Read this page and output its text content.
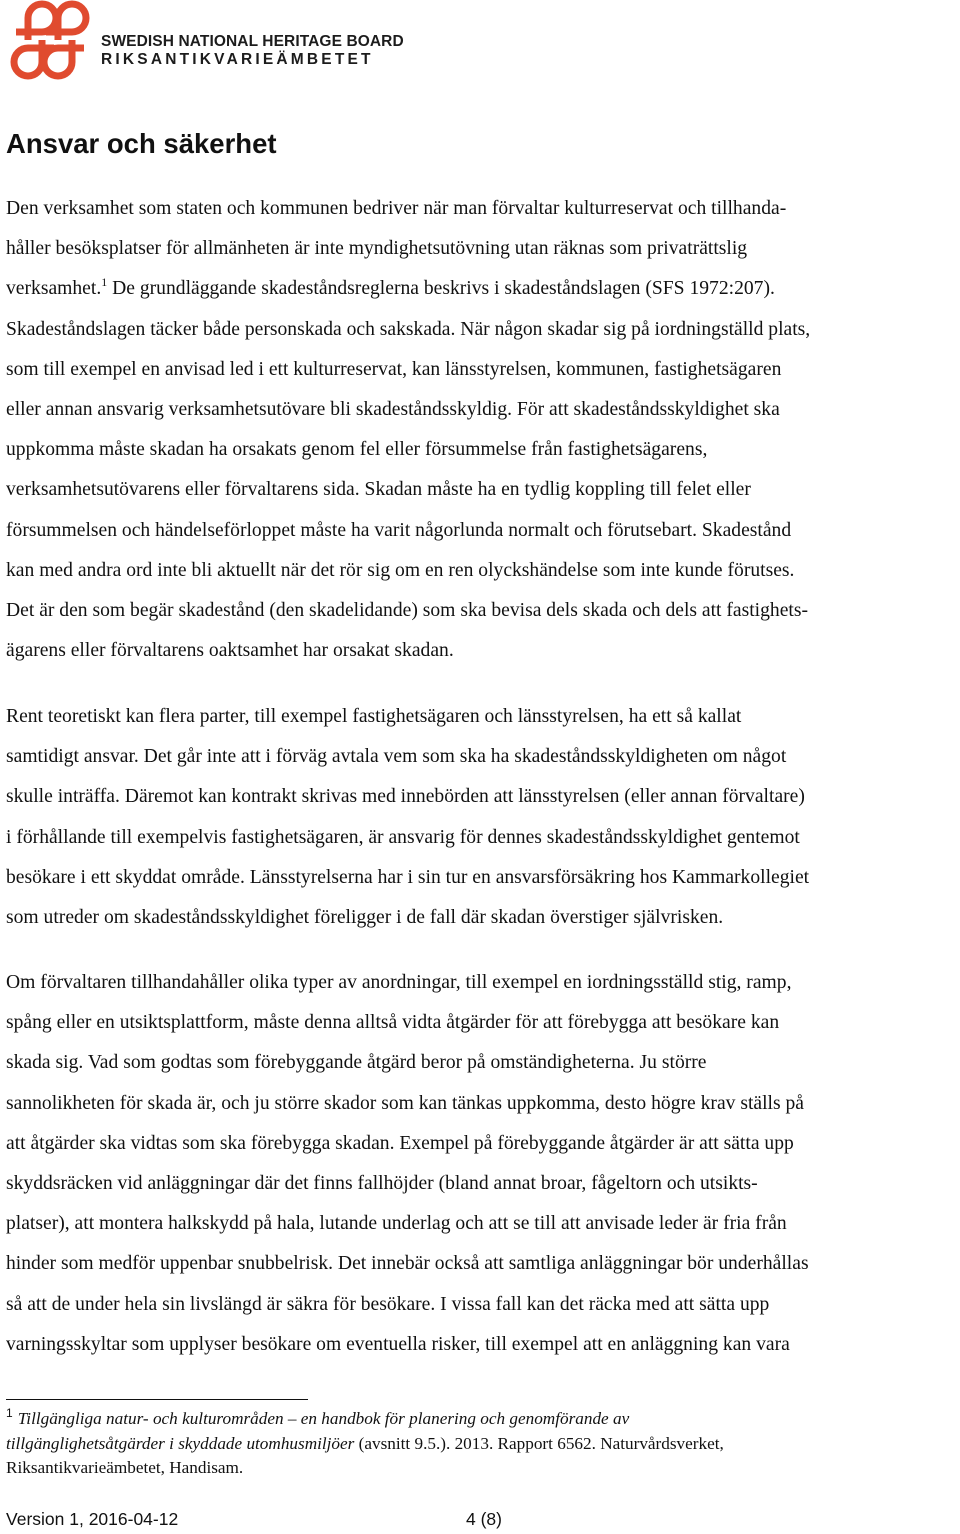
SWEDISH NATIONAL HERITAGE BOARD
RIKSANTIKVARIEÄMBETET
Ansvar och säkerhet
Den verksamhet som staten och kommunen bedriver när man förvaltar kulturreservat och tillhanda-
håller besöksplatser för allmänheten är inte myndighetsutövning utan räknas som privaträttslig
verksamhet.$^1$ De grundläggande skadeståndsreglerna beskrivs i skadeståndslagen (SFS 1972:207).
Skadeståndslagen täcker både personskada och sakskada. När någon skadar sig på iordningställd plats,
som till exempel en anvisad led i ett kulturreservat, kan länsstyrelsen, kommunen, fastighetsägaren
eller annan ansvarig verksamhetsutövare bli skadeståndsskyldig. För att skadeståndsskyldighet ska
uppkomma måste skadan ha orsakats genom fel eller försummelse från fastighetsägarens,
verksamhetsutövarens eller förvaltarens sida. Skadan måste ha en tydlig koppling till felet eller
försummelsen och händelseförloppet måste ha varit någorlunda normalt och förutsebart. Skadestånd
kan med andra ord inte bli aktuellt när det rör sig om en ren olyckshändelse som inte kunde förutses.
Det är den som begär skadestånd (den skadelidande) som ska bevisa dels skada och dels att fastighets-
ägarens eller förvaltarens oaktsamhet har orsakat skadan.
Rent teoretiskt kan flera parter, till exempel fastighetsägaren och länsstyrelsen, ha ett så kallat
samtidigt ansvar. Det går inte att i förväg avtala vem som ska ha skadeståndsskyldigheten om något
skulle inträffa. Däremot kan kontrakt skrivas med innebörden att länsstyrelsen (eller annan förvaltare)
i förhållande till exempelvis fastighetsägaren, är ansvarig för dennes skadeståndsskyldighet gentemot
besökare i ett skyddat område. Länsstyrelserna har i sin tur en ansvarsförsäkring hos Kammarkollegiet
som utreder om skadeståndsskyldighet föreligger i de fall där skadan överstiger självrisken.
Om förvaltaren tillhandahåller olika typer av anordningar, till exempel en iordningsställd stig, ramp,
spång eller en utsiktsplattform, måste denna alltså vidta åtgärder för att förebygga att besökare kan
skada sig. Vad som godtas som förebyggande åtgärd beror på omständigheterna. Ju större
sannolikheten för skada är, och ju större skador som kan tänkas uppkomma, desto högre krav ställs på
att åtgärder ska vidtas som ska förebygga skadan. Exempel på förebyggande åtgärder är att sätta upp
skyddsräcken vid anläggningar där det finns fallhöjder (bland annat broar, fågeltorn och utsikts-
platser), att montera halkskydd på hala, lutande underlag och att se till att anvisade leder är fria från
hinder som medför uppenbar snubbelrisk. Det innebär också att samtliga anläggningar bör underhållas
så att de under hela sin livslängd är säkra för besökare. I vissa fall kan det räcka med att sätta upp
varningsskyltar som upplyser besökare om eventuella risker, till exempel att en anläggning kan vara
$^1$ Tillgängliga natur- och kulturområden – en handbok för planering och genomförande av
tillgänglighetsåtgärder i skyddade utomhusmiljöer (avsnitt 9.5.). 2013. Rapport 6562. Naturvårdsverket,
Riksantikvarieämbetet, Handisam.
Version 1, 2016-04-12	4 (8)
